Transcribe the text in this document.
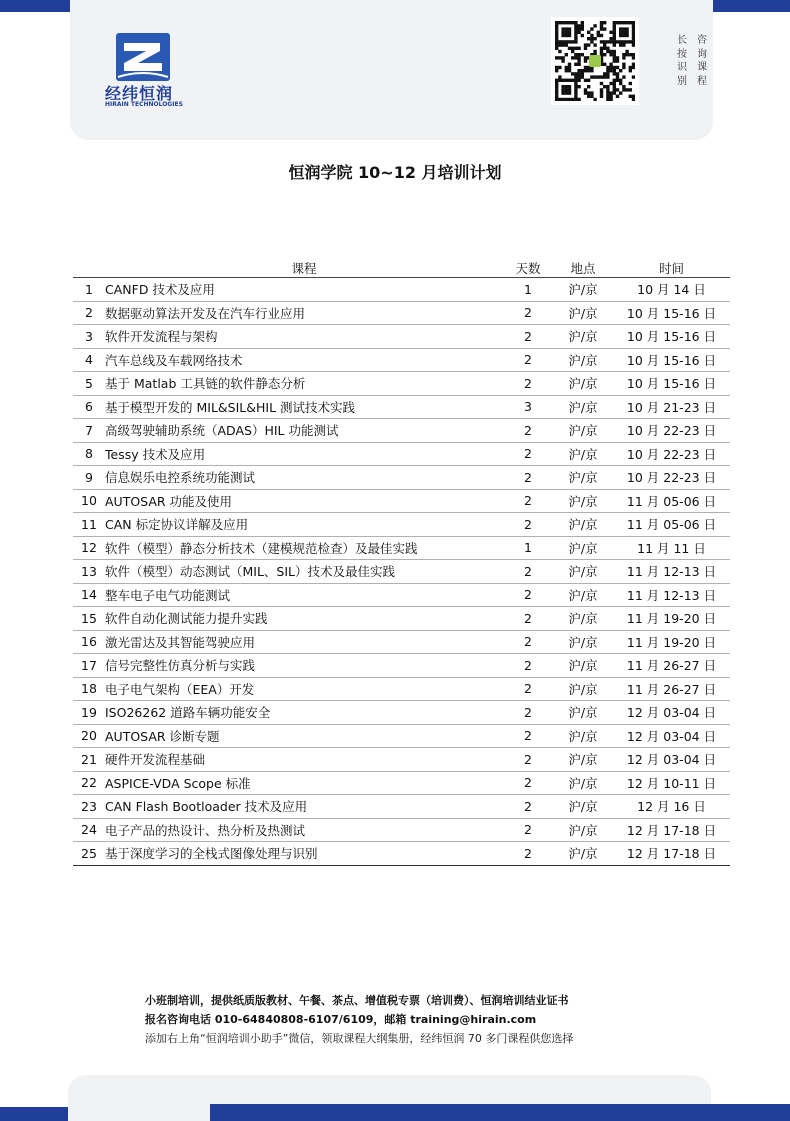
经纬恒润
HIRAIN TECHNOLOGIES
咨询课程
长按识别
恒润学院 10~12 月培训计划
	课程	天数	地点	时间
1	CANFD 技术及应用	1	沪/京	10 月 14 日
2	数据驱动算法开发及在汽车行业应用	2	沪/京	10 月 15-16 日
3	软件开发流程与架构	2	沪/京	10 月 15-16 日
4	汽车总线及车载网络技术	2	沪/京	10 月 15-16 日
5	基于 Matlab 工具链的软件静态分析	2	沪/京	10 月 15-16 日
6	基于模型开发的 MIL&SIL&HIL 测试技术实践	3	沪/京	10 月 21-23 日
7	高级驾驶辅助系统（ADAS）HIL 功能测试	2	沪/京	10 月 22-23 日
8	Tessy 技术及应用	2	沪/京	10 月 22-23 日
9	信息娱乐电控系统功能测试	2	沪/京	10 月 22-23 日
10	AUTOSAR 功能及使用	2	沪/京	11 月 05-06 日
11	CAN 标定协议详解及应用	2	沪/京	11 月 05-06 日
12	软件（模型）静态分析技术（建模规范检查）及最佳实践	1	沪/京	11 月 11 日
13	软件（模型）动态测试（MIL、SIL）技术及最佳实践	2	沪/京	11 月 12-13 日
14	整车电子电气功能测试	2	沪/京	11 月 12-13 日
15	软件自动化测试能力提升实践	2	沪/京	11 月 19-20 日
16	激光雷达及其智能驾驶应用	2	沪/京	11 月 19-20 日
17	信号完整性仿真分析与实践	2	沪/京	11 月 26-27 日
18	电子电气架构（EEA）开发	2	沪/京	11 月 26-27 日
19	ISO26262 道路车辆功能安全	2	沪/京	12 月 03-04 日
20	AUTOSAR 诊断专题	2	沪/京	12 月 03-04 日
21	硬件开发流程基础	2	沪/京	12 月 03-04 日
22	ASPICE-VDA Scope 标准	2	沪/京	12 月 10-11 日
23	CAN Flash Bootloader 技术及应用	2	沪/京	12 月 16 日
24	电子产品的热设计、热分析及热测试	2	沪/京	12 月 17-18 日
25	基于深度学习的全栈式图像处理与识别	2	沪/京	12 月 17-18 日
小班制培训，提供纸质版教材、午餐、茶点、增值税专票（培训费）、恒润培训结业证书
报名咨询电话 010-64840808-6107/6109，邮箱 training@hirain.com
添加右上角“恒润培训小助手”微信，领取课程大纲集册，经纬恒润 70 多门课程供您选择
